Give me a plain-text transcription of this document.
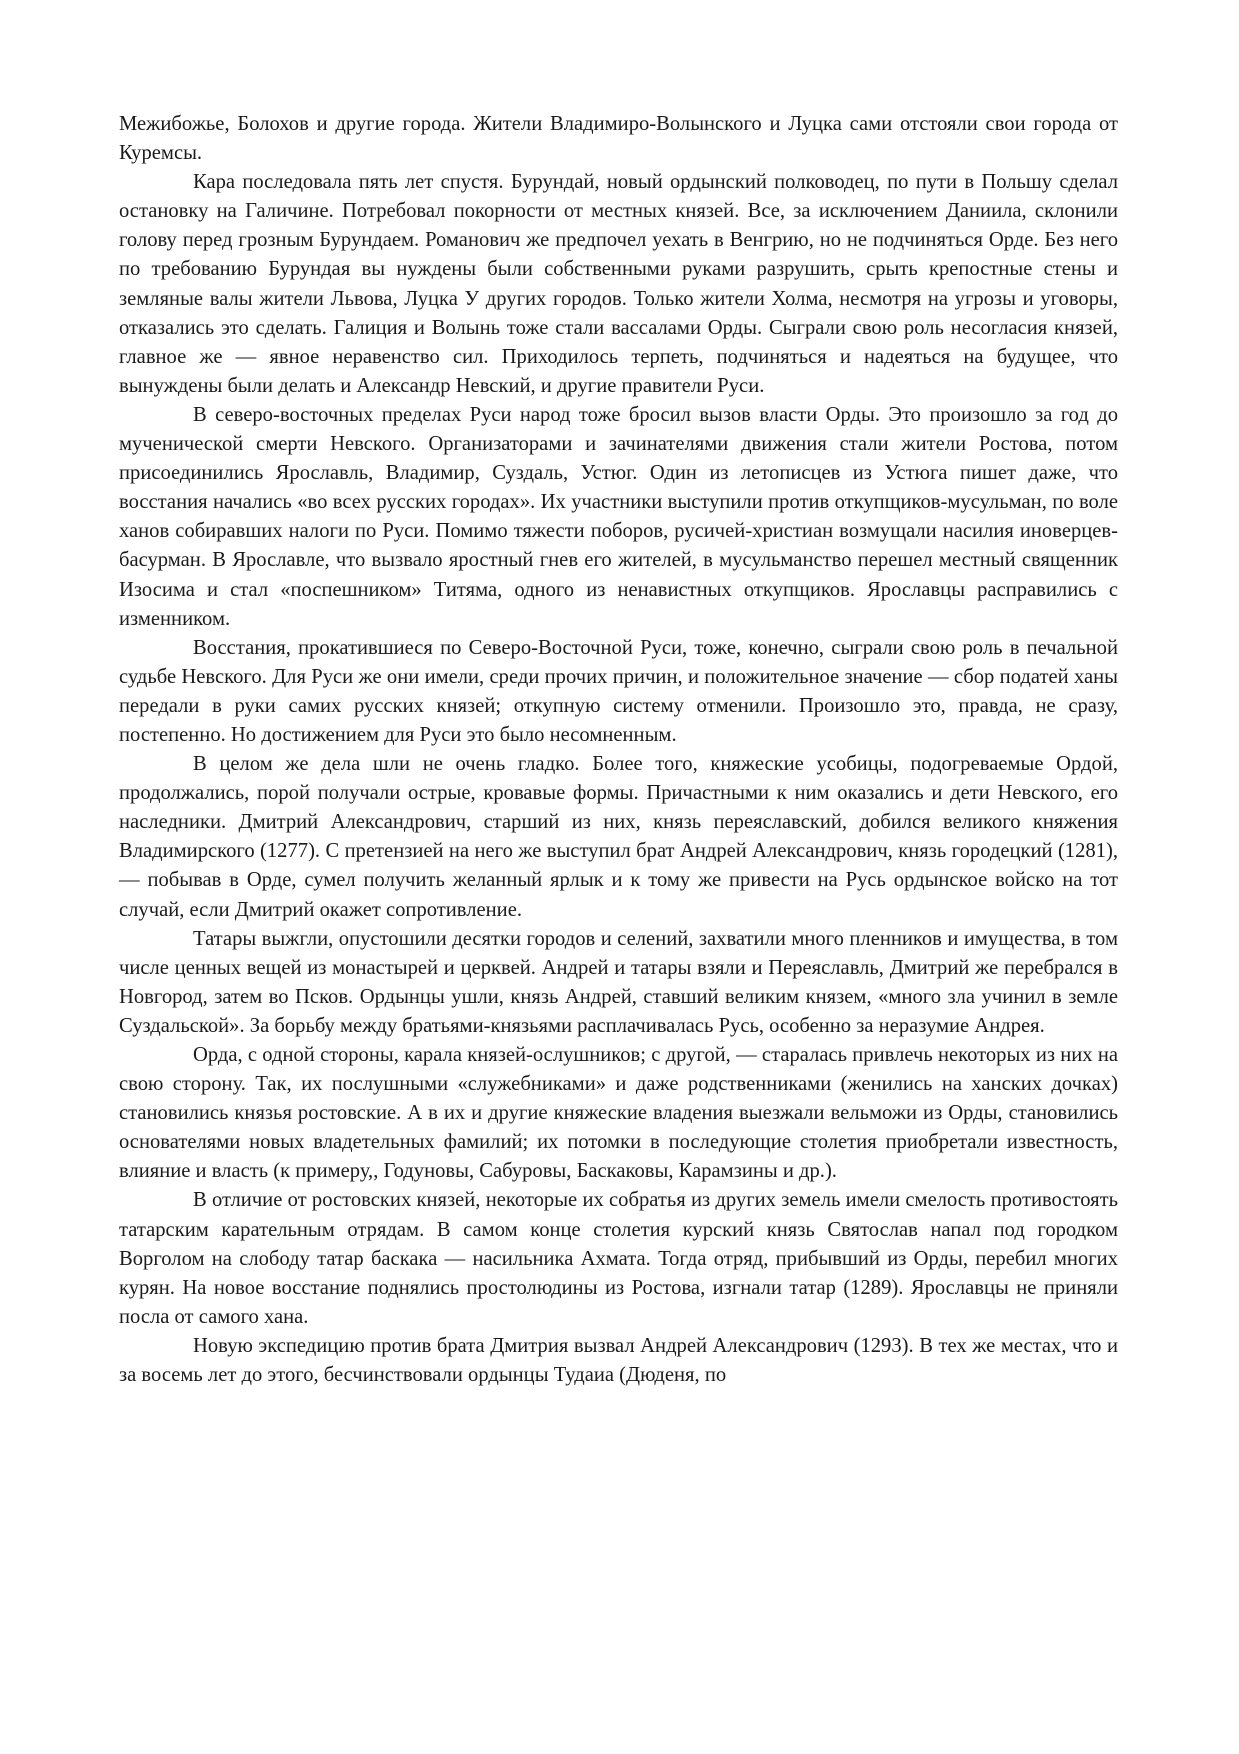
Межибожье, Болохов и другие города. Жители Владимиро-Волынского и Луцка сами отстояли свои города от Куремсы.

Кара последовала пять лет спустя. Бурундай, новый ордынский полководец, по пути в Польшу сделал остановку на Галичине. Потребовал покорности от местных князей. Все, за исключением Даниила, склонили голову перед грозным Бурундаем. Романович же предпочел уехать в Венгрию, но не подчиняться Орде. Без него по требованию Бурундая вы нуждены были собственными руками разрушить, срыть крепостные стены и земляные валы жители Львова, Луцка У других городов. Только жители Холма, несмотря на угрозы и уговоры, отказались это сделать. Галиция и Волынь тоже стали вассалами Орды. Сыграли свою роль несогласия князей, главное же — явное неравенство сил. Приходилось терпеть, подчиняться и надеяться на будущее, что вынуждены были делать и Александр Невский, и другие правители Руси.

В северо-восточных пределах Руси народ тоже бросил вызов власти Орды. Это произошло за год до мученической смерти Невского. Организаторами и зачинателями движения стали жители Ростова, потом присоединились Ярославль, Владимир, Суздаль, Устюг. Один из летописцев из Устюга пишет даже, что восстания начались «во всех русских городах». Их участники выступили против откупщиков-мусульман, по воле ханов собиравших налоги по Руси. Помимо тяжести поборов, русичей-христиан возмущали насилия иноверцев-басурман. В Ярославле, что вызвало яростный гнев его жителей, в мусульманство перешел местный священник Изосима и стал «поспешником» Титяма, одного из ненавистных откупщиков. Ярославцы расправились с изменником.

Восстания, прокатившиеся по Северо-Восточной Руси, тоже, конечно, сыграли свою роль в печальной судьбе Невского. Для Руси же они имели, среди прочих причин, и положительное значение — сбор податей ханы передали в руки самих русских князей; откупную систему отменили. Произошло это, правда, не сразу, постепенно. Но достижением для Руси это было несомненным.

В целом же дела шли не очень гладко. Более того, княжеские усобицы, подогреваемые Ордой, продолжались, порой получали острые, кровавые формы. Причастными к ним оказались и дети Невского, его наследники. Дмитрий Александрович, старший из них, князь переяславский, добился великого княжения Владимирского (1277). С претензией на него же выступил брат Андрей Александрович, князь городецкий (1281), — побывав в Орде, сумел получить желанный ярлык и к тому же привести на Русь ордынское войско на тот случай, если Дмитрий окажет сопротивление.

Татары выжгли, опустошили десятки городов и селений, захватили много пленников и имущества, в том числе ценных вещей из монастырей и церквей. Андрей и татары взяли и Переяславль, Дмитрий же перебрался в Новгород, затем во Псков. Ордынцы ушли, князь Андрей, ставший великим князем, «много зла учинил в земле Суздальской». За борьбу между братьями-князьями расплачивалась Русь, особенно за неразумие Андрея.

Орда, с одной стороны, карала князей-ослушников; с другой, — старалась привлечь некоторых из них на свою сторону. Так, их послушными «служебниками» и даже родственниками (женились на ханских дочках) становились князья ростовские. А в их и другие княжеские владения выезжали вельможи из Орды, становились основателями новых владетельных фамилий; их потомки в последующие столетия приобретали известность, влияние и власть (к примеру,, Годуновы, Сабуровы, Баскаковы, Карамзины и др.).

В отличие от ростовских князей, некоторые их собратья из других земель имели смелость противостоять татарским карательным отрядам. В самом конце столетия курский князь Святослав напал под городком Ворголом на слободу татар баскака — насильника Ахмата. Тогда отряд, прибывший из Орды, перебил многих курян. На новое восстание поднялись простолюдины из Ростова, изгнали татар (1289). Ярославцы не приняли посла от самого хана.

Новую экспедицию против брата Дмитрия вызвал Андрей Александрович (1293). В тех же местах, что и за восемь лет до этого, бесчинствовали ордынцы Тудаиа (Дюденя, по
